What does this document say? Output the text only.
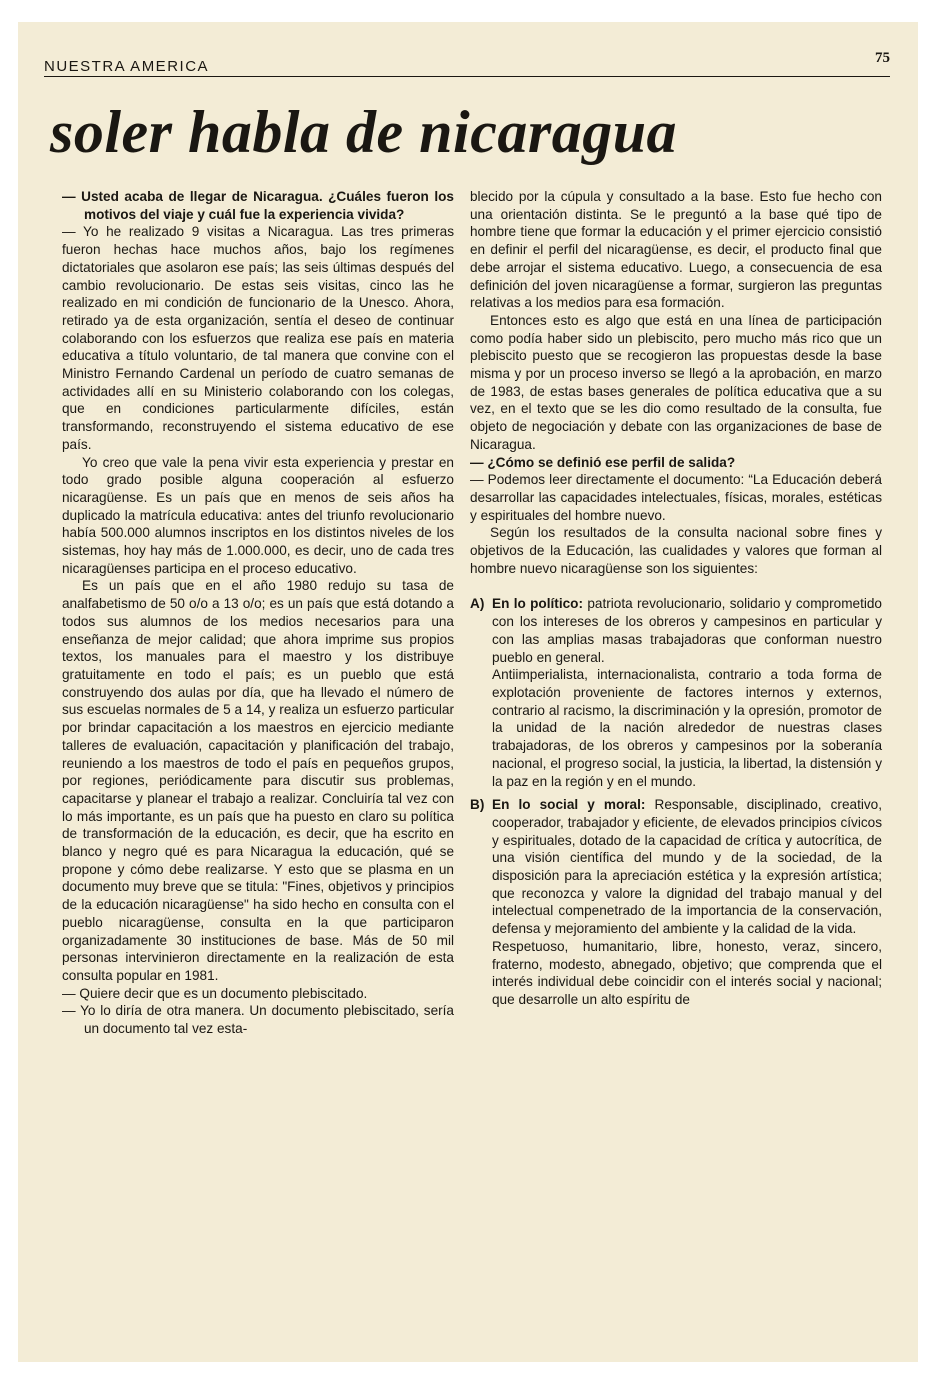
NUESTRA AMERICA	75
soler habla de nicaragua

— Usted acaba de llegar de Nicaragua. ¿Cuáles fueron los motivos del viaje y cuál fue la experiencia vivida?

— Yo he realizado 9 visitas a Nicaragua. Las tres primeras fueron hechas hace muchos años, bajo los regímenes dictatoriales que asolaron ese país; las seis últimas después del cambio revolucionario. De estas seis visitas, cinco las he realizado en mi condición de funcionario de la Unesco. Ahora, retirado ya de esta organización, sentía el deseo de continuar colaborando con los esfuerzos que realiza ese país en materia educativa a título voluntario, de tal manera que convine con el Ministro Fernando Cardenal un período de cuatro semanas de actividades allí en su Ministerio colaborando con los colegas, que en condiciones particularmente difíciles, están transformando, reconstruyendo el sistema educativo de ese país.

Yo creo que vale la pena vivir esta experiencia y prestar en todo grado posible alguna cooperación al esfuerzo nicaragüense. Es un país que en menos de seis años ha duplicado la matrícula educativa: antes del triunfo revolucionario había 500.000 alumnos inscriptos en los distintos niveles de los sistemas, hoy hay más de 1.000.000, es decir, uno de cada tres nicaragüenses participa en el proceso educativo.

Es un país que en el año 1980 redujo su tasa de analfabetismo de 50 o/o a 13 o/o; es un país que está dotando a todos sus alumnos de los medios necesarios para una enseñanza de mejor calidad; que ahora imprime sus propios textos, los manuales para el maestro y los distribuye gratuitamente en todo el país; es un pueblo que está construyendo dos aulas por día, que ha llevado el número de sus escuelas normales de 5 a 14, y realiza un esfuerzo particular por brindar capacitación a los maestros en ejercicio mediante talleres de evaluación, capacitación y planificación del trabajo, reuniendo a los maestros de todo el país en pequeños grupos, por regiones, periódicamente para discutir sus problemas, capacitarse y planear el trabajo a realizar. Concluiría tal vez con lo más importante, es un país que ha puesto en claro su política de transformación de la educación, es decir, que ha escrito en blanco y negro qué es para Nicaragua la educación, qué se propone y cómo debe realizarse. Y esto que se plasma en un documento muy breve que se titula: "Fines, objetivos y principios de la educación nicaragüense" ha sido hecho en consulta con el pueblo nicaragüense, consulta en la que participaron organizadamente 30 instituciones de base. Más de 50 mil personas intervinieron directamente en la realización de esta consulta popular en 1981.

— Quiere decir que es un documento plebiscitado.

— Yo lo diría de otra manera. Un documento plebiscitado, sería un documento tal vez esta-

blecido por la cúpula y consultado a la base. Esto fue hecho con una orientación distinta. Se le preguntó a la base qué tipo de hombre tiene que formar la educación y el primer ejercicio consistió en definir el perfil del nicaragüense, es decir, el producto final que debe arrojar el sistema educativo. Luego, a consecuencia de esa definición del joven nicaragüense a formar, surgieron las preguntas relativas a los medios para esa formación.

Entonces esto es algo que está en una línea de participación como podía haber sido un plebiscito, pero mucho más rico que un plebiscito puesto que se recogieron las propuestas desde la base misma y por un proceso inverso se llegó a la aprobación, en marzo de 1983, de estas bases generales de política educativa que a su vez, en el texto que se les dio como resultado de la consulta, fue objeto de negociación y debate con las organizaciones de base de Nicaragua.

— ¿Cómo se definió ese perfil de salida?

— Podemos leer directamente el documento: “La Educación deberá desarrollar las capacidades intelectuales, físicas, morales, estéticas y espirituales del hombre nuevo.

Según los resultados de la consulta nacional sobre fines y objetivos de la Educación, las cualidades y valores que forman al hombre nuevo nicaragüense son los siguientes:

A) En lo político: patriota revolucionario, solidario y comprometido con los intereses de los obreros y campesinos en particular y con las amplias masas trabajadoras que conforman nuestro pueblo en general.

Antiimperialista, internacionalista, contrario a toda forma de explotación proveniente de factores internos y externos, contrario al racismo, la discriminación y la opresión, promotor de la unidad de la nación alrededor de nuestras clases trabajadoras, de los obreros y campesinos por la soberanía nacional, el progreso social, la justicia, la libertad, la distensión y la paz en la región y en el mundo.

B) En lo social y moral: Responsable, disciplinado, creativo, cooperador, trabajador y eficiente, de elevados principios cívicos y espirituales, dotado de la capacidad de crítica y autocrítica, de una visión científica del mundo y de la sociedad, de la disposición para la apreciación estética y la expresión artística; que reconozca y valore la dignidad del trabajo manual y del intelectual compenetrado de la importancia de la conservación, defensa y mejoramiento del ambiente y la calidad de la vida.

Respetuoso, humanitario, libre, honesto, veraz, sincero, fraterno, modesto, abnegado, objetivo; que comprenda que el interés individual debe coincidir con el interés social y nacional; que desarrolle un alto espíritu de
